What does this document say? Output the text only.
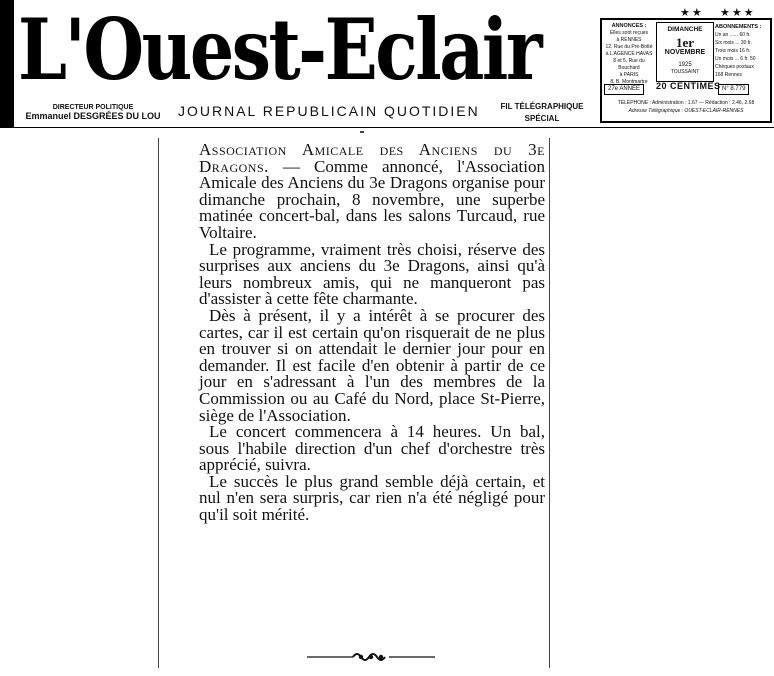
L'Ouest-Eclair
DIRECTEUR POLITIQUE
Emmanuel DESGRÉES DU LOU	JOURNAL REPUBLICAIN QUOTIDIEN	FIL TÉLÉGRAPHIQUE
SPÉCIAL
★★ ★★★
ANNONCES :
Elles sont reçues
à RENNES
12, Rue du Pré-Botté
à L'AGENCE HAVAS
8 et 5, Rue du Bouchard
à PARIS
8, B. Montmartre
DIMANCHE
1er
NOVEMBRE
1925
TOUSSAINT
ABONNEMENTS :
Un an ...... 60 fr.
Six mois ... 30 fr.
Trois mois 16 fr.
Un mois ... 6 fr. 50
Chèques postaux
168 Rennes
27e ANNÉE	20 CENTIMES N° 8.779
TÉLÉPHONE : Administration : 1.67 — Rédaction : 2.46, 2.68
Adresse Télégraphique : OUEST-ECLAIR-RENNES

Association Amicale des Anciens du 3e Dragons. — Comme annoncé, l'Association Amicale des Anciens du 3e Dragons organise pour dimanche prochain, 8 novembre, une superbe matinée concert-bal, dans les salons Turcaud, rue Voltaire.

Le programme, vraiment très choisi, réserve des surprises aux anciens du 3e Dragons, ainsi qu'à leurs nombreux amis, qui ne manqueront pas d'assister à cette fête charmante.

Dès à présent, il y a intérêt à se procurer des cartes, car il est certain qu'on risquerait de ne plus en trouver si on attendait le dernier jour pour en demander. Il est facile d'en obtenir à partir de ce jour en s'adressant à l'un des membres de la Commission ou au Café du Nord, place St-Pierre, siège de l'Association.

Le concert commencera à 14 heures. Un bal, sous l'habile direction d'un chef d'orchestre très apprécié, suivra.

Le succès le plus grand semble déjà certain, et nul n'en sera surpris, car rien n'a été négligé pour qu'il soit mérité.
